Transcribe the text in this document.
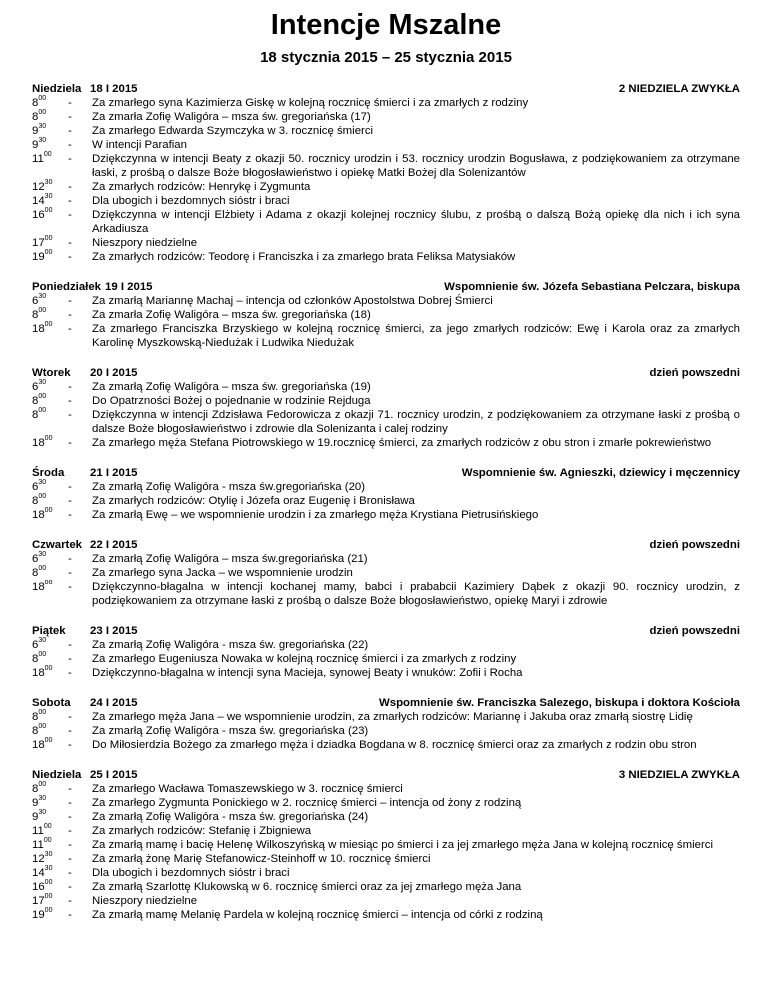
Intencje Mszalne
18 stycznia 2015 – 25 stycznia 2015
Niedziela 18 I 2015	2 NIEDZIELA ZWYKŁA
$8^{00}$	-	Za zmarłego syna Kazimierza Giskę w kolejną rocznicę śmierci i za zmarłych z rodziny
$8^{00}$	-	Za zmarła Zofię Waligóra – msza św. gregoriańska (17)
$9^{30}$	-	Za zmarłego Edwarda Szymczyka w 3. rocznicę śmierci
$9^{30}$	-	W intencji Parafian
$11^{00}$	-	Dziękczynna w intencji Beaty z okazji 50. rocznicy urodzin i 53. rocznicy urodzin Bogusława, z podziękowaniem za otrzymane łaski, z prośbą o dalsze Boże błogosławieństwo i opiekę Matki Bożej dla Solenizantów
$12^{30}$	-	Za zmarłych rodziców: Henrykę i Zygmunta
$14^{30}$	-	Dla ubogich i bezdomnych sióstr i braci
$16^{00}$	-	Dziękczynna w intencji Elżbiety i Adama z okazji kolejnej rocznicy ślubu, z prośbą o dalszą Bożą opiekę dla nich i ich syna Arkadiusza
$17^{00}$	-	Nieszpory niedzielne
$19^{00}$	-	Za zmarłych rodziców: Teodorę i Franciszka i za zmarłego brata Feliksa Matysiaków
Poniedziałek 19 I 2015	Wspomnienie św. Józefa Sebastiana Pelczara, biskupa
$6^{30}$	-	Za zmarłą Mariannę Machaj – intencja od członków Apostolstwa Dobrej Śmierci
$8^{00}$	-	Za zmarła Zofię Waligóra – msza św. gregoriańska (18)
$18^{00}$	-	Za zmarłego Franciszka Brzyskiego w kolejną rocznicę śmierci, za jego zmarłych rodziców: Ewę i Karola oraz za zmarłych Karolinę Myszkowską-Niedużak i Ludwika Niedużak
Wtorek	20 I 2015	dzień powszedni
$6^{30}$	-	Za zmarłą Zofię Waligóra – msza św. gregoriańska (19)
$8^{00}$	-	Do Opatrzności Bożej o pojednanie w rodzinie Rejduga
$8^{00}$	-	Dziękczynna w intencji Zdzisława Fedorowicza z okazji 71. rocznicy urodzin, z podziękowaniem za otrzymane łaski z prośbą o dalsze Boże błogosławieństwo i zdrowie dla Solenizanta i calej rodziny
$18^{00}$	-	Za zmarłego męża Stefana Piotrowskiego w 19.rocznicę śmierci, za zmarłych rodziców z obu stron i zmarłe pokrewieństwo
Środa	21 I 2015	Wspomnienie św. Agnieszki, dziewicy i męczennicy
$6^{30}$	-	Za zmarłą Zofię Waligóra - msza św.gregoriańska (20)
$8^{00}$	-	Za zmarłych rodziców: Otylię i Józefa oraz Eugenię i Bronisława
$18^{00}$	-	Za zmarłą Ewę – we wspomnienie urodzin i za zmarłego męża Krystiana Pietrusińskiego
Czwartek 22 I 2015	dzień powszedni
$6^{30}$	-	Za zmarłą Zofię Waligóra – msza św.gregoriańska (21)
$8^{00}$	-	Za zmarłego syna Jacka – we wspomnienie urodzin
$18^{oo}$	-	Dziękczynno-błagalna w intencji kochanej mamy, babci i prababcii Kazimiery Dąbek z okazji 90. rocznicy urodzin, z podziękowaniem za otrzymane łaski z prośbą o dalsze Boże błogosławieństwo, opiekę Maryi i zdrowie
Piątek	23 I 2015	dzień powszedni
$6^{30}$	-	Za zmarłą Zofię Waligóra - msza św. gregoriańska (22)
$8^{00}$	-	Za zmarłego Eugeniusza Nowaka w kolejną rocznicę śmierci i za zmarłych z rodziny
$18^{00}$	-	Dziękczynno-błagalna w intencji syna Macieja, synowej Beaty i wnuków: Zofii i Rocha
Sobota	24 I 2015	Wspomnienie św. Franciszka Salezego, biskupa i doktora Kościoła
$8^{00}$	-	Za zmarłego męża Jana – we wspomnienie urodzin, za zmarłych rodziców: Mariannę i Jakuba oraz zmarłą siostrę Lidię
$8^{00}$	-	Za zmarłą Zofię Waligóra - msza św. gregoriańska (23)
$18^{00}$	-	Do Miłosierdzia Bożego za zmarłego męża i dziadka Bogdana w 8. rocznicę śmierci oraz za zmarłych z rodzin obu stron
Niedziela 25 I 2015	3 NIEDZIELA ZWYKŁA
$8^{00}$	-	Za zmarłego Wacława Tomaszewskiego w 3. rocznicę śmierci
$9^{30}$	-	Za zmarłego Zygmunta Ponickiego w 2. rocznicę śmierci – intencja od żony z rodziną
$9^{30}$	-	Za zmarłą Zofię Waligóra - msza św. gregoriańska (24)
$11^{00}$	-	Za zmarłych rodziców: Stefanię i Zbigniewa
$11^{00}$	-	Za zmarłą mamę i bacię Helenę Wilkoszyńską w miesiąc po śmierci i za jej zmarłego męża Jana w kolejną rocznicę śmierci
$12^{30}$	-	Za zmarłą żonę Marię Stefanowicz-Steinhoff w 10. rocznicę śmierci
$14^{30}$	-	Dla ubogich i bezdomnych sióstr i braci
$16^{00}$	-	Za zmarłą Szarlottę Klukowską w 6. rocznicę śmierci oraz za jej zmarłego męża Jana
$17^{00}$	-	Nieszpory niedzielne
$19^{00}$	-	Za zmarłą mamę Melanię Pardela w kolejną rocznicę śmierci – intencja od córki z rodziną
